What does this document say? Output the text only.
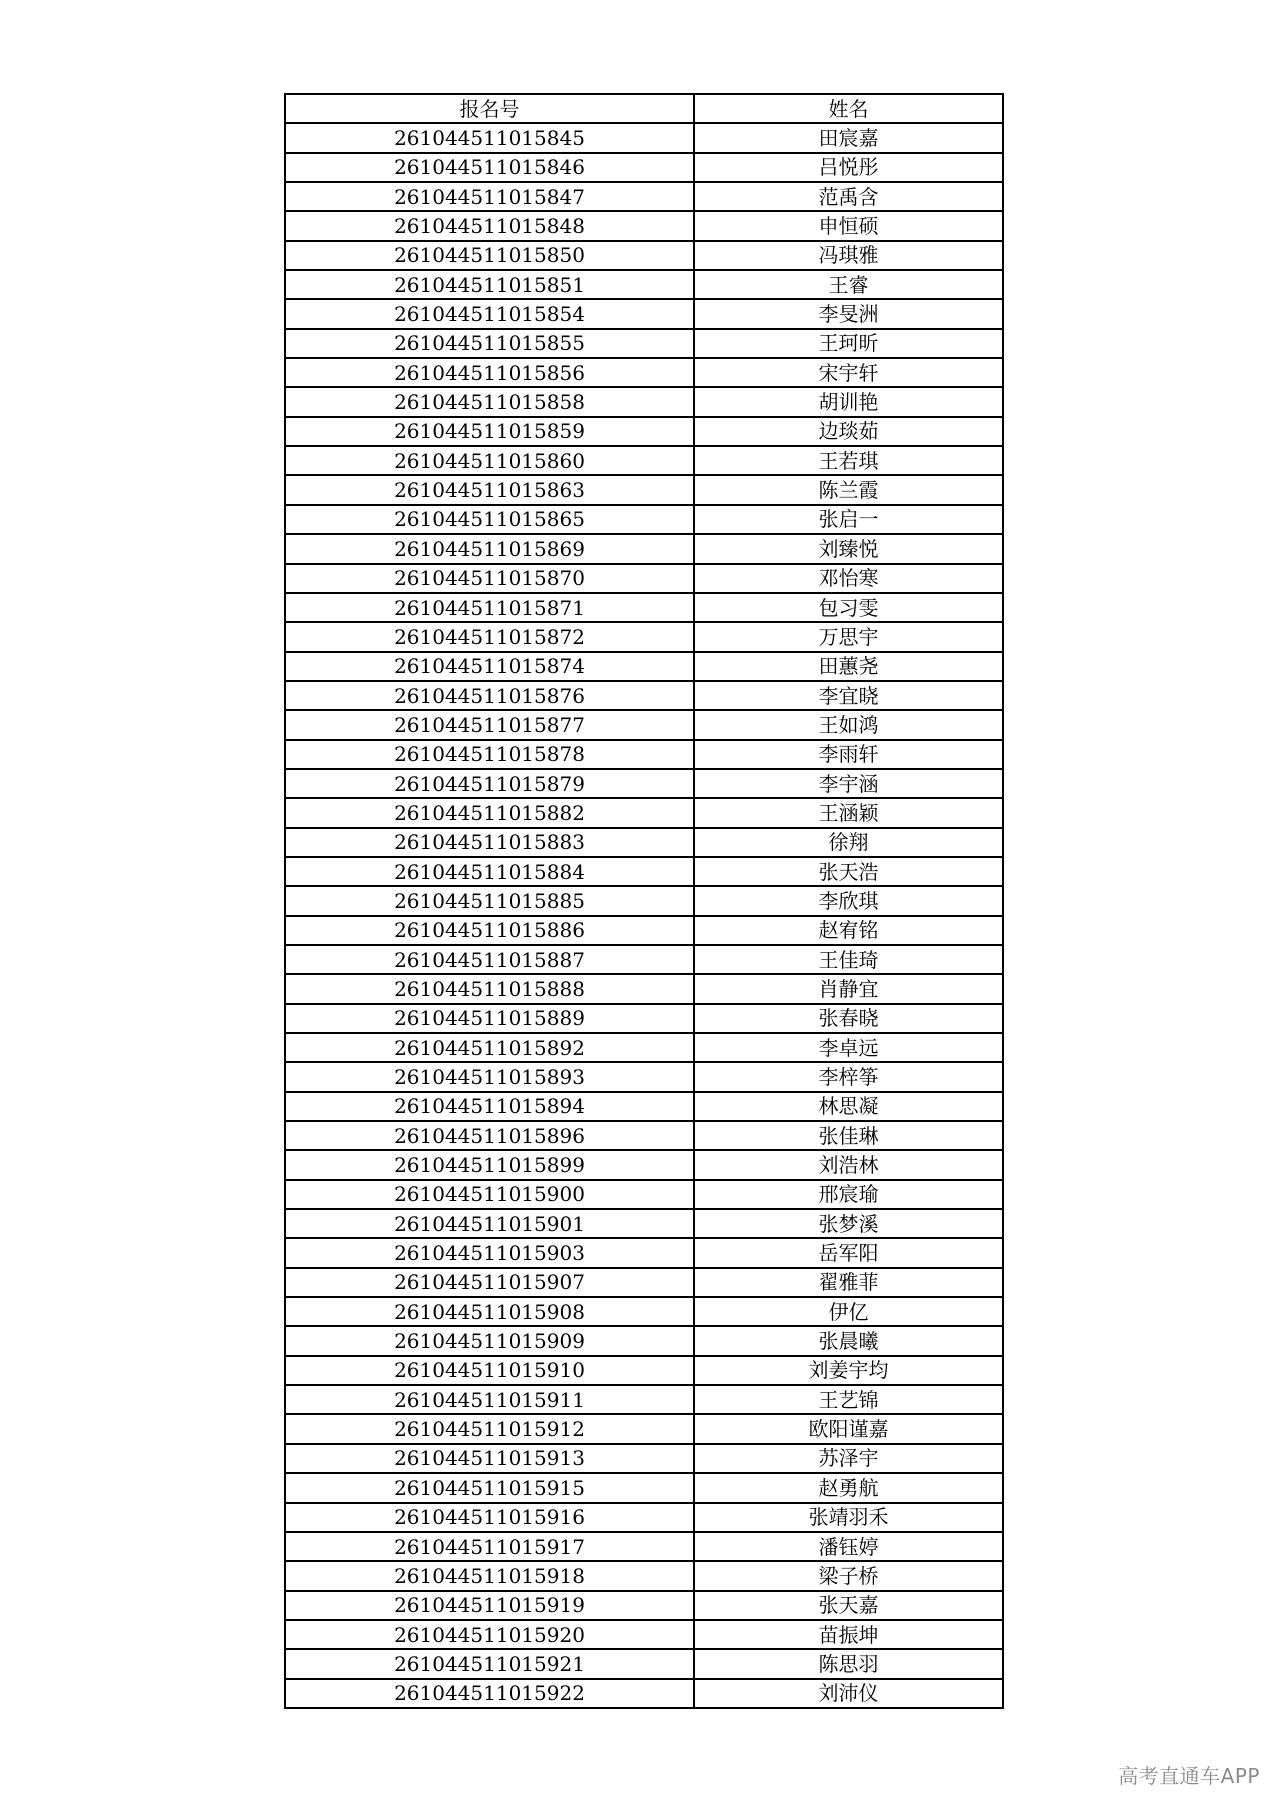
报名号	姓名
261044511015845	田宸嘉
261044511015846	吕悦彤
261044511015847	范禹含
261044511015848	申恒硕
261044511015850	冯琪雅
261044511015851	王睿
261044511015854	李旻洲
261044511015855	王珂昕
261044511015856	宋宇轩
261044511015858	胡训艳
261044511015859	边琰茹
261044511015860	王若琪
261044511015863	陈兰霞
261044511015865	张启一
261044511015869	刘臻悦
261044511015870	邓怡寒
261044511015871	包习雯
261044511015872	万思宇
261044511015874	田蕙尧
261044511015876	李宜晓
261044511015877	王如鸿
261044511015878	李雨轩
261044511015879	李宇涵
261044511015882	王涵颖
261044511015883	徐翔
261044511015884	张天浩
261044511015885	李欣琪
261044511015886	赵宥铭
261044511015887	王佳琦
261044511015888	肖静宜
261044511015889	张春晓
261044511015892	李卓远
261044511015893	李梓筝
261044511015894	林思凝
261044511015896	张佳琳
261044511015899	刘浩林
261044511015900	邢宸瑜
261044511015901	张梦溪
261044511015903	岳军阳
261044511015907	翟雅菲
261044511015908	伊亿
261044511015909	张晨曦
261044511015910	刘姜宇均
261044511015911	王艺锦
261044511015912	欧阳谨嘉
261044511015913	苏泽宇
261044511015915	赵勇航
261044511015916	张靖羽禾
261044511015917	潘钰婷
261044511015918	梁子桥
261044511015919	张天嘉
261044511015920	苗振坤
261044511015921	陈思羽
261044511015922	刘沛仪
高考直通车APP
